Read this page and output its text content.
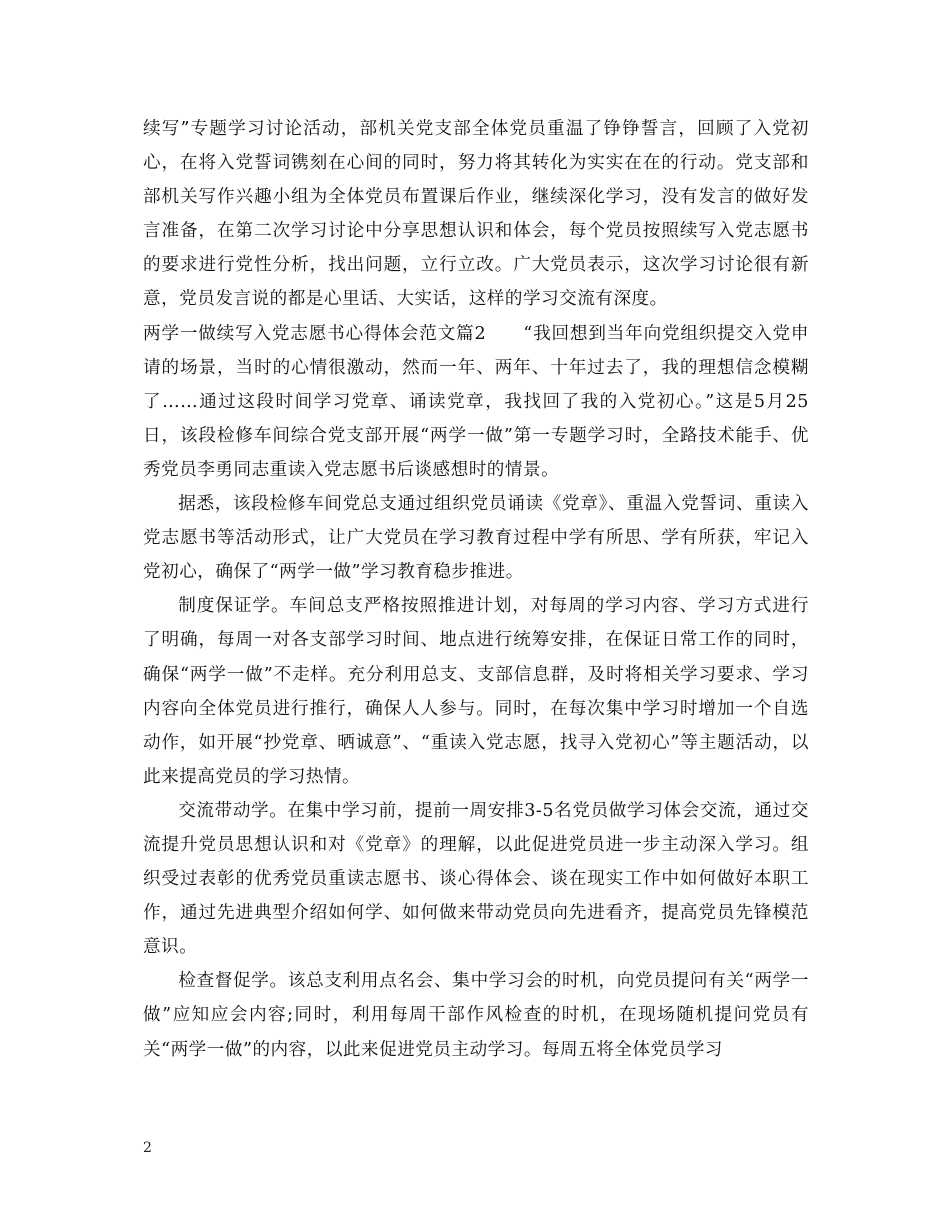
续写”专题学习讨论活动，部机关党支部全体党员重温了铮铮誓言，回顾了入党初心，在将入党誓词镌刻在心间的同时，努力将其转化为实实在在的行动。党支部和部机关写作兴趣小组为全体党员布置课后作业，继续深化学习，没有发言的做好发言准备，在第二次学习讨论中分享思想认识和体会，每个党员按照续写入党志愿书的要求进行党性分析，找出问题，立行立改。广大党员表示，这次学习讨论很有新意，党员发言说的都是心里话、大实话，这样的学习交流有深度。

两学一做续写入党志愿书心得体会范文篇2　　“我回想到当年向党组织提交入党申请的场景，当时的心情很激动，然而一年、两年、十年过去了，我的理想信念模糊了……通过这段时间学习党章、诵读党章，我找回了我的入党初心。”这是5月25日，该段检修车间综合党支部开展“两学一做”第一专题学习时，全路技术能手、优秀党员李勇同志重读入党志愿书后谈感想时的情景。

据悉，该段检修车间党总支通过组织党员诵读《党章》、重温入党誓词、重读入党志愿书等活动形式，让广大党员在学习教育过程中学有所思、学有所获，牢记入党初心，确保了“两学一做”学习教育稳步推进。

制度保证学。车间总支严格按照推进计划，对每周的学习内容、学习方式进行了明确，每周一对各支部学习时间、地点进行统筹安排，在保证日常工作的同时，确保“两学一做”不走样。充分利用总支、支部信息群，及时将相关学习要求、学习内容向全体党员进行推行，确保人人参与。同时，在每次集中学习时增加一个自选动作，如开展“抄党章、晒诚意”、“重读入党志愿，找寻入党初心”等主题活动，以此来提高党员的学习热情。

交流带动学。在集中学习前，提前一周安排3-5名党员做学习体会交流，通过交流提升党员思想认识和对《党章》的理解，以此促进党员进一步主动深入学习。组织受过表彰的优秀党员重读志愿书、谈心得体会、谈在现实工作中如何做好本职工作，通过先进典型介绍如何学、如何做来带动党员向先进看齐，提高党员先锋模范意识。

检查督促学。该总支利用点名会、集中学习会的时机，向党员提问有关“两学一做”应知应会内容;同时，利用每周干部作风检查的时机，在现场随机提问党员有关“两学一做”的内容，以此来促进党员主动学习。每周五将全体党员学习

2
